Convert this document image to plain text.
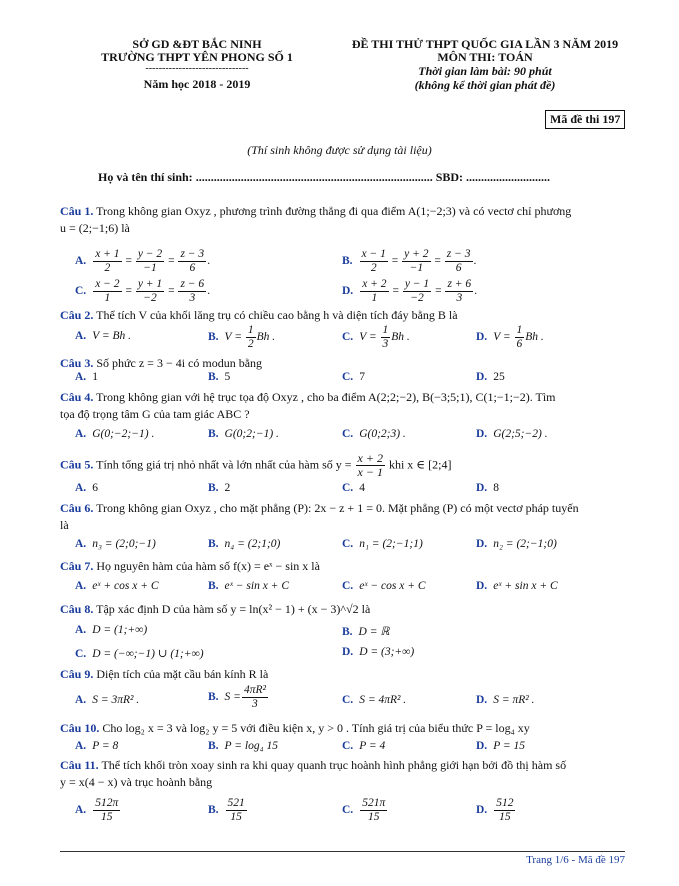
SỞ GD &ĐT BẮC NINH
TRƯỜNG THPT YÊN PHONG SỐ 1
-------------------------------
Năm học 2018 - 2019
ĐỀ THI THỬ THPT QUỐC GIA LẦN 3 NĂM 2019
MÔN THI: TOÁN
Thời gian làm bài: 90 phút
(không kể thời gian phát đề)
Mã đề thi 197
(Thí sinh không được sử dụng tài liệu)
Họ và tên thí sinh: ............................................................................... SBD: ............................
Câu 1. Trong không gian Oxyz , phương trình đường thẳng đi qua điểm A(1;−2;3) và có vectơ chỉ phương
u = (2;−1;6) là
A. $\frac{x + 1}{2} = \frac{y - 2}{-1} = \frac{z - 3}{6}$ .	B. $\frac{x - 1}{2} = \frac{y + 2}{-1} = \frac{z - 3}{6}$ .
C. $\frac{x - 2}{1} = \frac{y + 1}{-2} = \frac{z - 6}{3}$ .	D. $\frac{x + 2}{1} = \frac{y - 1}{-2} = \frac{z + 6}{3}$ .
Câu 2. Thể tích V của khối lăng trụ có chiều cao bằng h và diện tích đáy bằng B là
A. V = Bh .	B. $V = \frac{1}{2}$ Bh .	C. $V = \frac{1}{3}$ Bh .	D. $V = \frac{1}{6}$ Bh .
Câu 3. Số phức z = 3 − 4i có modun bằng
A. 1	B. 5	C. 7	D. 25
Câu 4. Trong không gian với hệ trục tọa độ Oxyz , cho ba điểm A(2;2;−2), B(−3;5;1), C(1;−1;−2). Tìm
tọa độ trọng tâm G của tam giác ABC ?
A. G(0;−2;−1) .	B. G(0;2;−1) .	C. G(0;2;3) .	D. G(2;5;−2) .
Câu 5. Tính tổng giá trị nhỏ nhất và lớn nhất của hàm số $y = \frac{x + 2}{x - 1}$ khi x ∈ [2;4]
A. 6	B. 2	C. 4	D. 8
Câu 6. Trong không gian Oxyz , cho mặt phẳng (P): 2x − z + 1 = 0. Mặt phẳng (P) có một vectơ pháp tuyến
là
A. n₃ = (2;0;−1)	B. n₄ = (2;1;0)	C. n₁ = (2;−1;1)	D. n₂ = (2;−1;0)
Câu 7. Họ nguyên hàm của hàm số f(x) = eˣ − sin x là
A. eˣ + cos x + C	B. eˣ − sin x + C	C. eˣ − cos x + C	D. eˣ + sin x + C
Câu 8. Tập xác định D của hàm số y = ln(x² − 1) + (x − 3)^√2 là
A. D = (1;+∞)	B. D = ℝ
C. D = (−∞;−1) ∪ (1;+∞)	D. D = (3;+∞)
Câu 9. Diện tích của mặt cầu bán kính R là
A. S = 3πR² .	B. $S = \frac{\text{4πR²}}{3}$	C. S = 4πR² .	D. S = πR² .
Câu 10. Cho log₂ x = 3 và log₂ y = 5 với điều kiện x, y > 0 . Tính giá trị của biểu thức P = log₄ xy
A. P = 8	B. P = log₄ 15	C. P = 4	D. P = 15
Câu 11. Thể tích khối tròn xoay sinh ra khi quay quanh trục hoành hình phẳng giới hạn bởi đồ thị hàm số
y = x(4 − x) và trục hoành bằng
A. $\frac{512\pi}{15}$	B. $\frac{521}{15}$	C. $\frac{521\pi}{15}$	D. $\frac{512}{15}$
Trang 1/6 - Mã đề 197
